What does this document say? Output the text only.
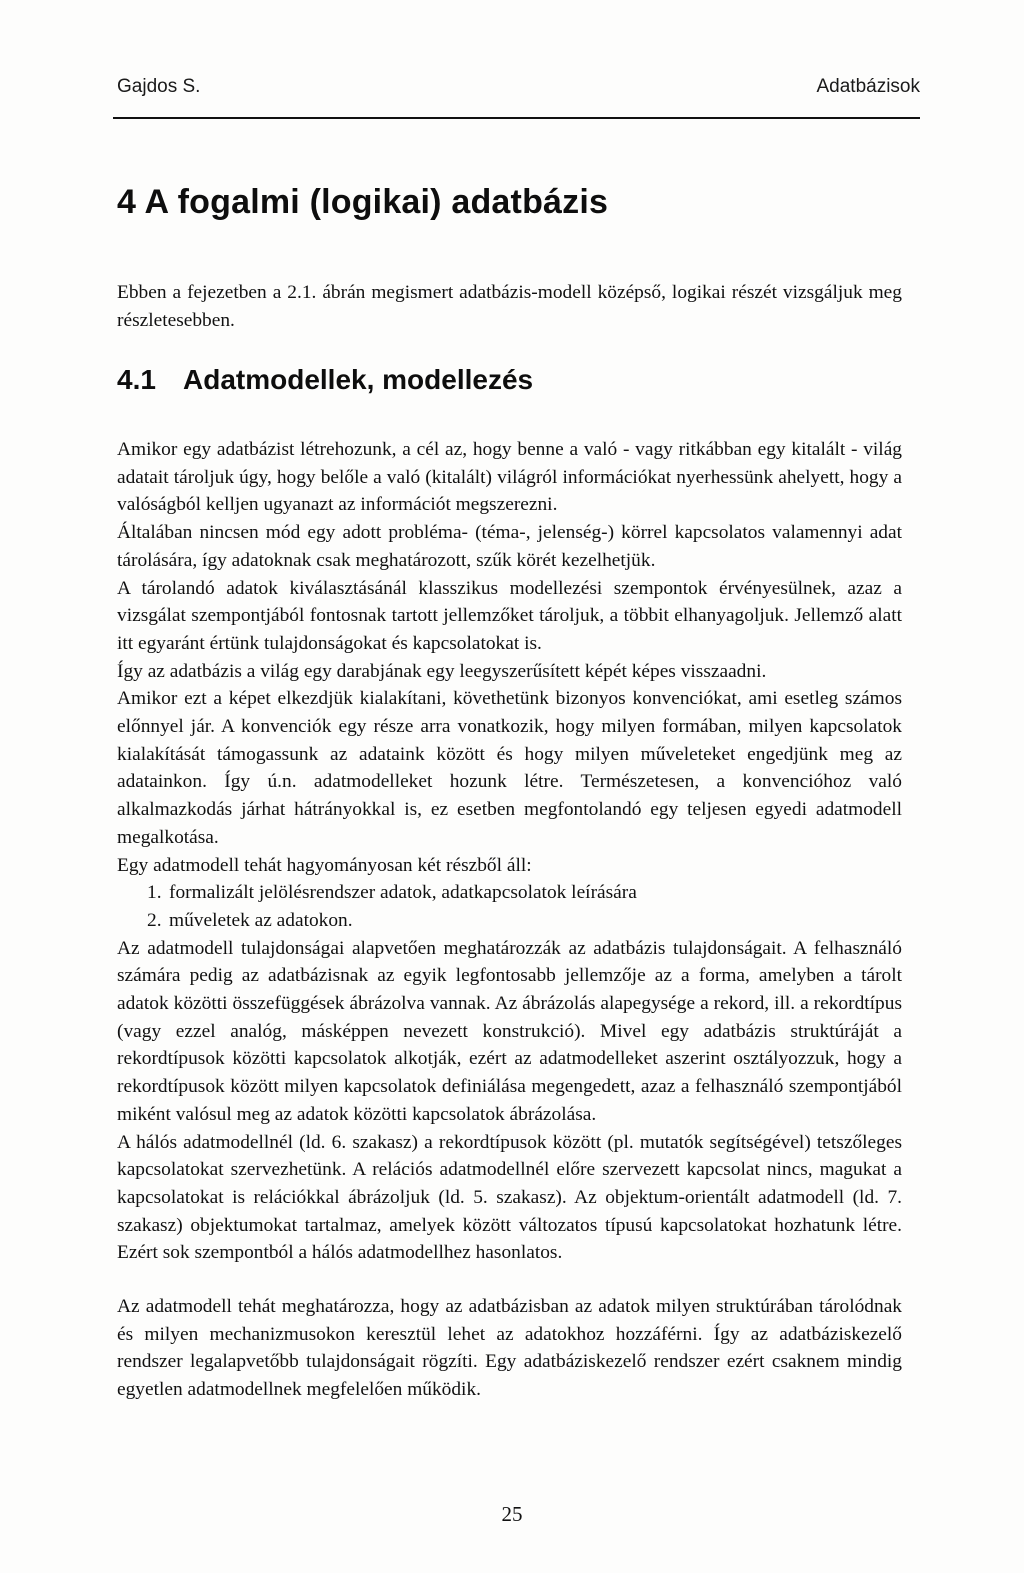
Gajdos S.	Adatbázisok
4 A fogalmi (logikai) adatbázis

Ebben a fejezetben a 2.1. ábrán megismert adatbázis-modell középső, logikai részét vizsgáljuk meg részletesebben.

4.1 Adatmodellek, modellezés

Amikor egy adatbázist létrehozunk, a cél az, hogy benne a való - vagy ritkábban egy kitalált - világ adatait tároljuk úgy, hogy belőle a való (kitalált) világról információkat nyerhessünk ahelyett, hogy a valóságból kelljen ugyanazt az információt megszerezni.

Általában nincsen mód egy adott probléma- (téma-, jelenség-) körrel kapcsolatos valamennyi adat tárolására, így adatoknak csak meghatározott, szűk körét kezelhetjük.

A tárolandó adatok kiválasztásánál klasszikus modellezési szempontok érvényesülnek, azaz a vizsgálat szempontjából fontosnak tartott jellemzőket tároljuk, a többit elhanyagoljuk. Jellemző alatt itt egyaránt értünk tulajdonságokat és kapcsolatokat is.

Így az adatbázis a világ egy darabjának egy leegyszerűsített képét képes visszaadni.

Amikor ezt a képet elkezdjük kialakítani, követhetünk bizonyos konvenciókat, ami esetleg számos előnnyel jár. A konvenciók egy része arra vonatkozik, hogy milyen formában, milyen kapcsolatok kialakítását támogassunk az adataink között és hogy milyen műveleteket engedjünk meg az adatainkon. Így ú.n. adatmodelleket hozunk létre. Természetesen, a konvencióhoz való alkalmazkodás járhat hátrányokkal is, ez esetben megfontolandó egy teljesen egyedi adatmodell megalkotása.

Egy adatmodell tehát hagyományosan két részből áll:

1. formalizált jelölésrendszer adatok, adatkapcsolatok leírására
2. műveletek az adatokon.

Az adatmodell tulajdonságai alapvetően meghatározzák az adatbázis tulajdonságait. A felhasználó számára pedig az adatbázisnak az egyik legfontosabb jellemzője az a forma, amelyben a tárolt adatok közötti összefüggések ábrázolva vannak. Az ábrázolás alapegysége a rekord, ill. a rekordtípus (vagy ezzel analóg, másképpen nevezett konstrukció). Mivel egy adatbázis struktúráját a rekordtípusok közötti kapcsolatok alkotják, ezért az adatmodelleket aszerint osztályozzuk, hogy a rekordtípusok között milyen kapcsolatok definiálása megengedett, azaz a felhasználó szempontjából miként valósul meg az adatok közötti kapcsolatok ábrázolása.

A hálós adatmodellnél (ld. 6. szakasz) a rekordtípusok között (pl. mutatók segítségével) tetszőleges kapcsolatokat szervezhetünk. A relációs adatmodellnél előre szervezett kapcsolat nincs, magukat a kapcsolatokat is relációkkal ábrázoljuk (ld. 5. szakasz). Az objektum-orientált adatmodell (ld. 7. szakasz) objektumokat tartalmaz, amelyek között változatos típusú kapcsolatokat hozhatunk létre. Ezért sok szempontból a hálós adatmodellhez hasonlatos.

Az adatmodell tehát meghatározza, hogy az adatbázisban az adatok milyen struktúrában tárolódnak és milyen mechanizmusokon keresztül lehet az adatokhoz hozzáférni. Így az adatbáziskezelő rendszer legalapvetőbb tulajdonságait rögzíti. Egy adatbáziskezelő rendszer ezért csaknem mindig egyetlen adatmodellnek megfelelően működik.

25
